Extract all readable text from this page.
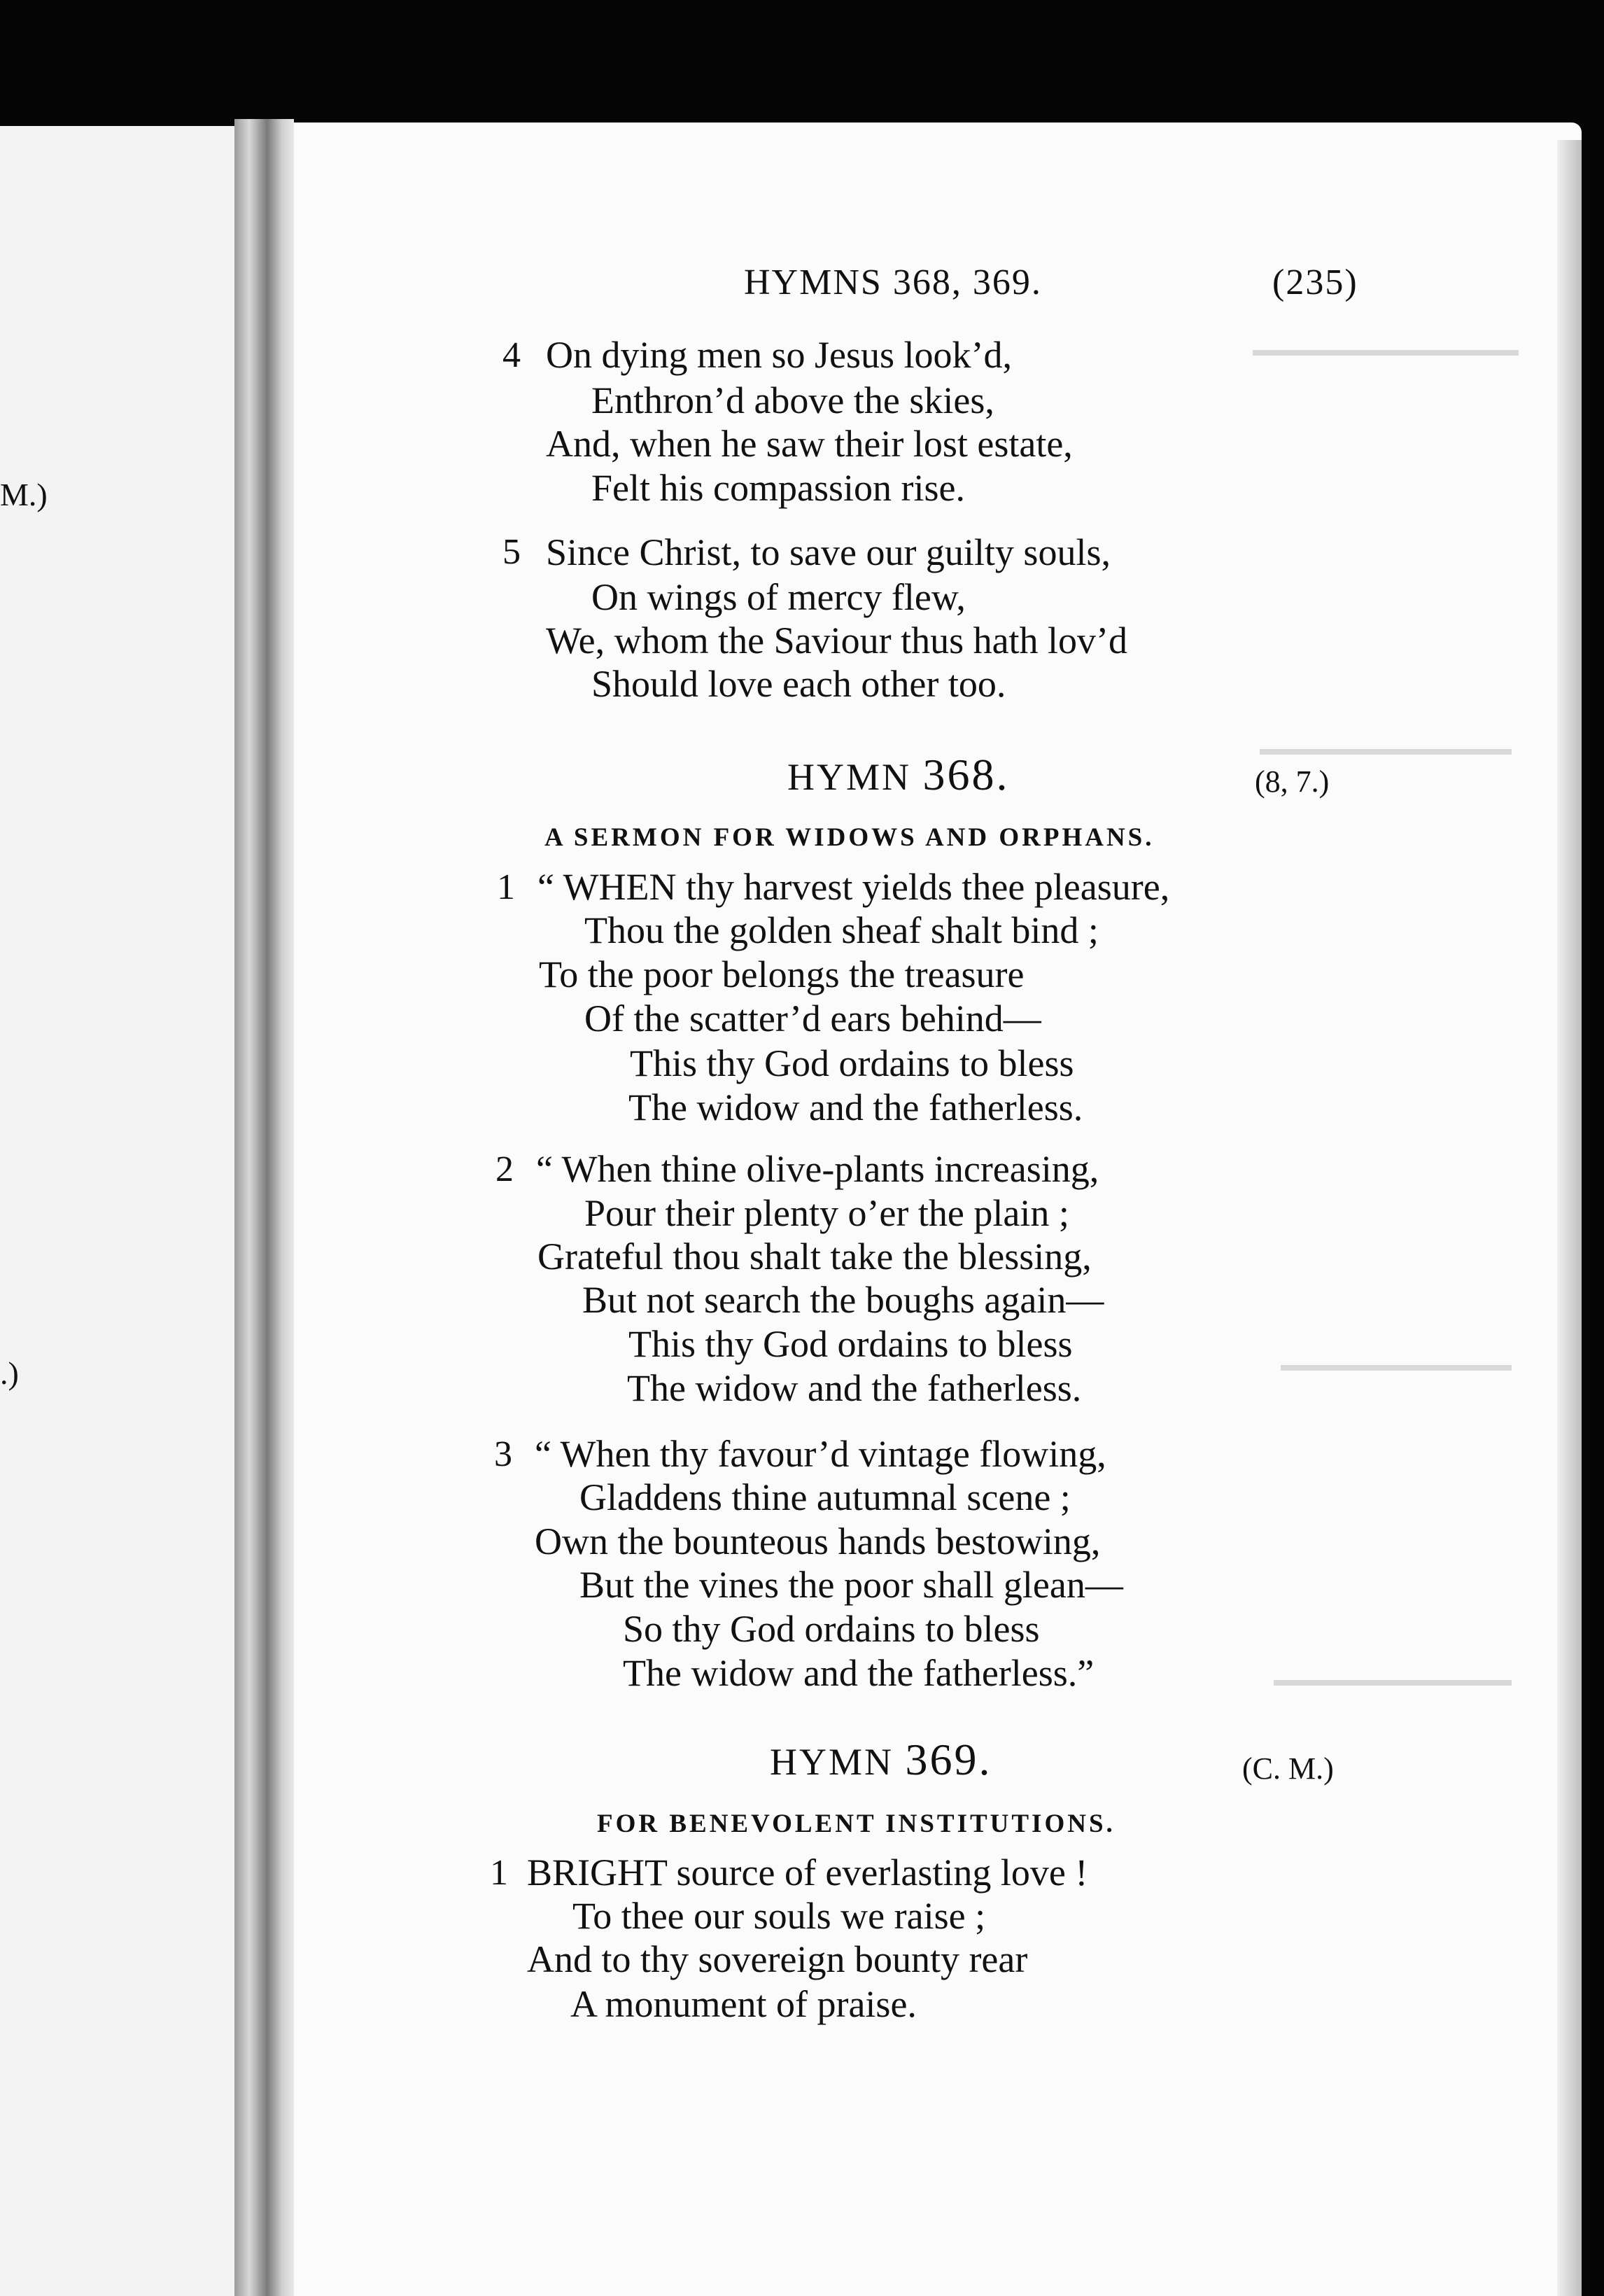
M.)
.)
HYMNS 368, 369.	(235)
4 On dying men so Jesus look’d,
Enthron’d above the skies,
And, when he saw their lost estate,
Felt his compassion rise.
5 Since Christ, to save our guilty souls,
On wings of mercy flew,
We, whom the Saviour thus hath lov’d
Should love each other too.
HYMN 368.	(8, 7.)
A SERMON FOR WIDOWS AND ORPHANS.
1 “ WHEN thy harvest yields thee pleasure,
Thou the golden sheaf shalt bind ;
To the poor belongs the treasure
Of the scatter’d ears behind—
This thy God ordains to bless
The widow and the fatherless.
2 “ When thine olive-plants increasing,
Pour their plenty o’er the plain ;
Grateful thou shalt take the blessing,
But not search the boughs again—
This thy God ordains to bless
The widow and the fatherless.
3 “ When thy favour’d vintage flowing,
Gladdens thine autumnal scene ;
Own the bounteous hands bestowing,
But the vines the poor shall glean—
So thy God ordains to bless
The widow and the fatherless.”
HYMN 369.	(C. M.)
FOR BENEVOLENT INSTITUTIONS.
1 BRIGHT source of everlasting love !
To thee our souls we raise ;
And to thy sovereign bounty rear
A monument of praise.
